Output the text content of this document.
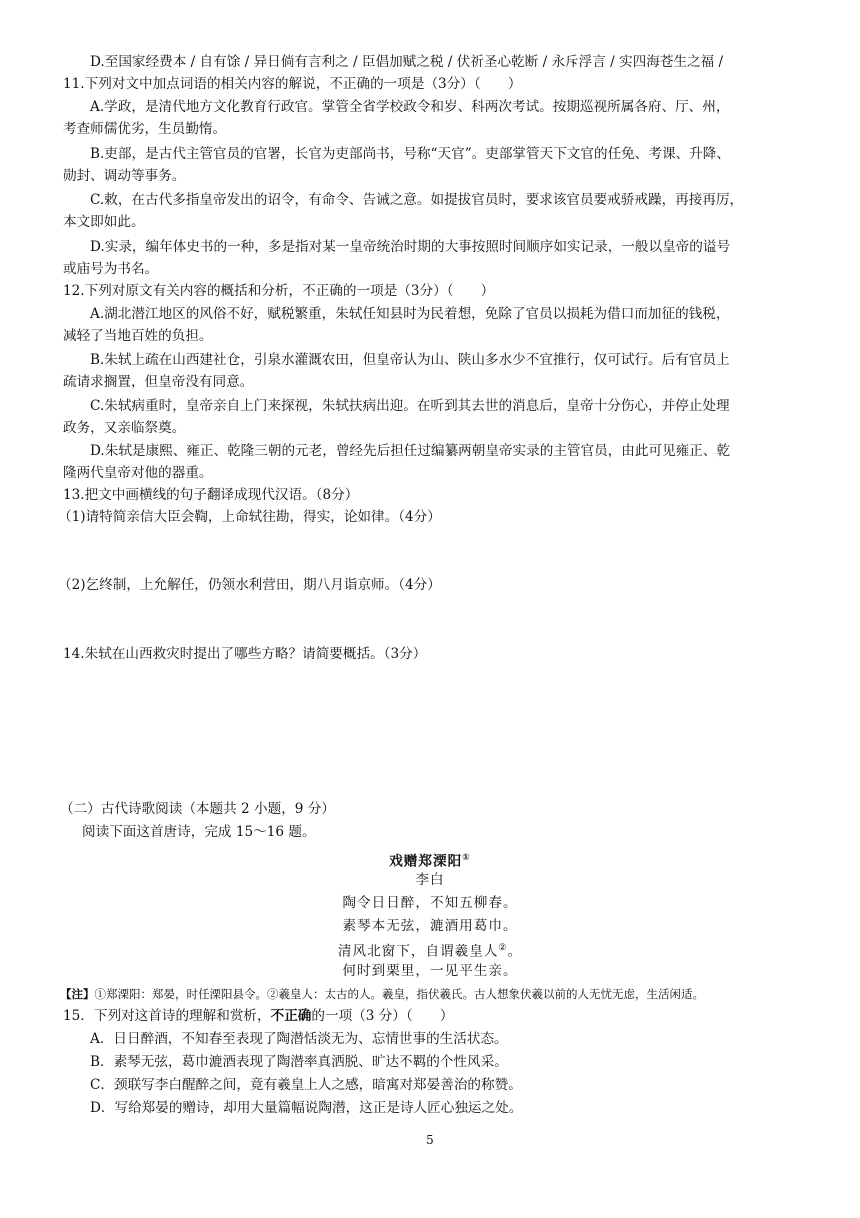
D.至国家经费本 / 自有馀 / 异日倘有言利之 / 臣倡加赋之税 / 伏祈圣心乾断 / 永斥浮言 / 实四海苍生之福 /
11.下列对文中加点词语的相关内容的解说，不正确的一项是（3分）（　　）
A.学政，是清代地方文化教育行政官。掌管全省学校政令和岁、科两次考试。按期巡视所属各府、厅、州，
考查师儒优劣，生员勤惰。
B.吏部，是古代主管官员的官署，长官为吏部尚书，号称“天官”。吏部掌管天下文官的任免、考课、升降、
勋封、调动等事务。
C.敕，在古代多指皇帝发出的诏令，有命令、告诫之意。如提拔官员时，要求该官员要戒骄戒躁，再接再厉，
本文即如此。
D.实录，编年体史书的一种，多是指对某一皇帝统治时期的大事按照时间顺序如实记录，一般以皇帝的谥号
或庙号为书名。
12.下列对原文有关内容的概括和分析，不正确的一项是（3分）（　　）
A.湖北潜江地区的风俗不好，赋税繁重，朱轼任知县时为民着想，免除了官员以损耗为借口而加征的钱税，
减轻了当地百姓的负担。
B.朱轼上疏在山西建社仓，引泉水灌溉农田，但皇帝认为山、陕山多水少不宜推行，仅可试行。后有官员上
疏请求搁置，但皇帝没有同意。
C.朱轼病重时，皇帝亲自上门来探视，朱轼扶病出迎。在听到其去世的消息后，皇帝十分伤心，并停止处理
政务，又亲临祭奠。
D.朱轼是康熙、雍正、乾隆三朝的元老，曾经先后担任过编纂两朝皇帝实录的主管官员，由此可见雍正、乾
隆两代皇帝对他的器重。
13.把文中画横线的句子翻译成现代汉语。（8分）
（1)请特简亲信大臣会鞫，上命轼往勘，得实，论如律。（4分）
（2)乞终制，上允解任，仍领水利营田，期八月诣京师。（4分）
14.朱轼在山西救灾时提出了哪些方略？请简要概括。（3分）
（二）古代诗歌阅读（本题共 2 小题，9 分）
阅读下面这首唐诗，完成 15～16 题。
戏赠郑溧阳①
李白
陶令日日醉，不知五柳春。
素琴本无弦，漉酒用葛巾。
清风北窗下，自谓羲皇人②。
何时到栗里，一见平生亲。
【注】①郑溧阳：郑晏，时任溧阳县令。②羲皇人：太古的人。羲皇，指伏羲氏。古人想象伏羲以前的人无忧无虑，生活闲适。
15．下列对这首诗的理解和赏析，不正确的一项（3 分）（　　）
A．日日醉酒，不知春至表现了陶潜恬淡无为、忘情世事的生活状态。
B．素琴无弦，葛巾漉酒表现了陶潜率真洒脱、旷达不羁的个性风采。
C．颈联写李白醒醉之间，竟有羲皇上人之感，暗寓对郑晏善治的称赞。
D．写给郑晏的赠诗，却用大量篇幅说陶潜，这正是诗人匠心独运之处。
5
